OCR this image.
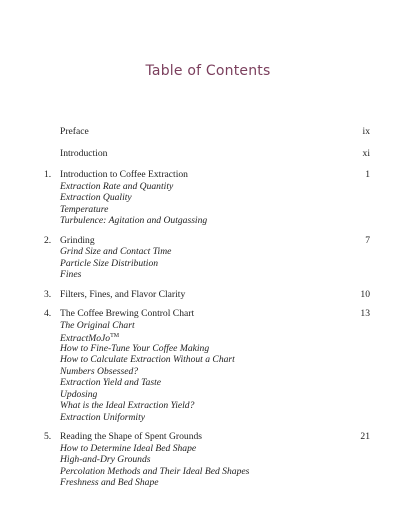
Table of Contents
Preface	ix
Introduction	xi
1. Introduction to Coffee Extraction	1
Extraction Rate and Quantity
Extraction Quality
Temperature
Turbulence: Agitation and Outgassing
2. Grinding	7
Grind Size and Contact Time
Particle Size Distribution
Fines
3. Filters, Fines, and Flavor Clarity	10
4. The Coffee Brewing Control Chart	13
The Original Chart
ExtractMoJo™
How to Fine-Tune Your Coffee Making
How to Calculate Extraction Without a Chart
Numbers Obsessed?
Extraction Yield and Taste
Updosing
What is the Ideal Extraction Yield?
Extraction Uniformity
5. Reading the Shape of Spent Grounds	21
How to Determine Ideal Bed Shape
High-and-Dry Grounds
Percolation Methods and Their Ideal Bed Shapes
Freshness and Bed Shape
